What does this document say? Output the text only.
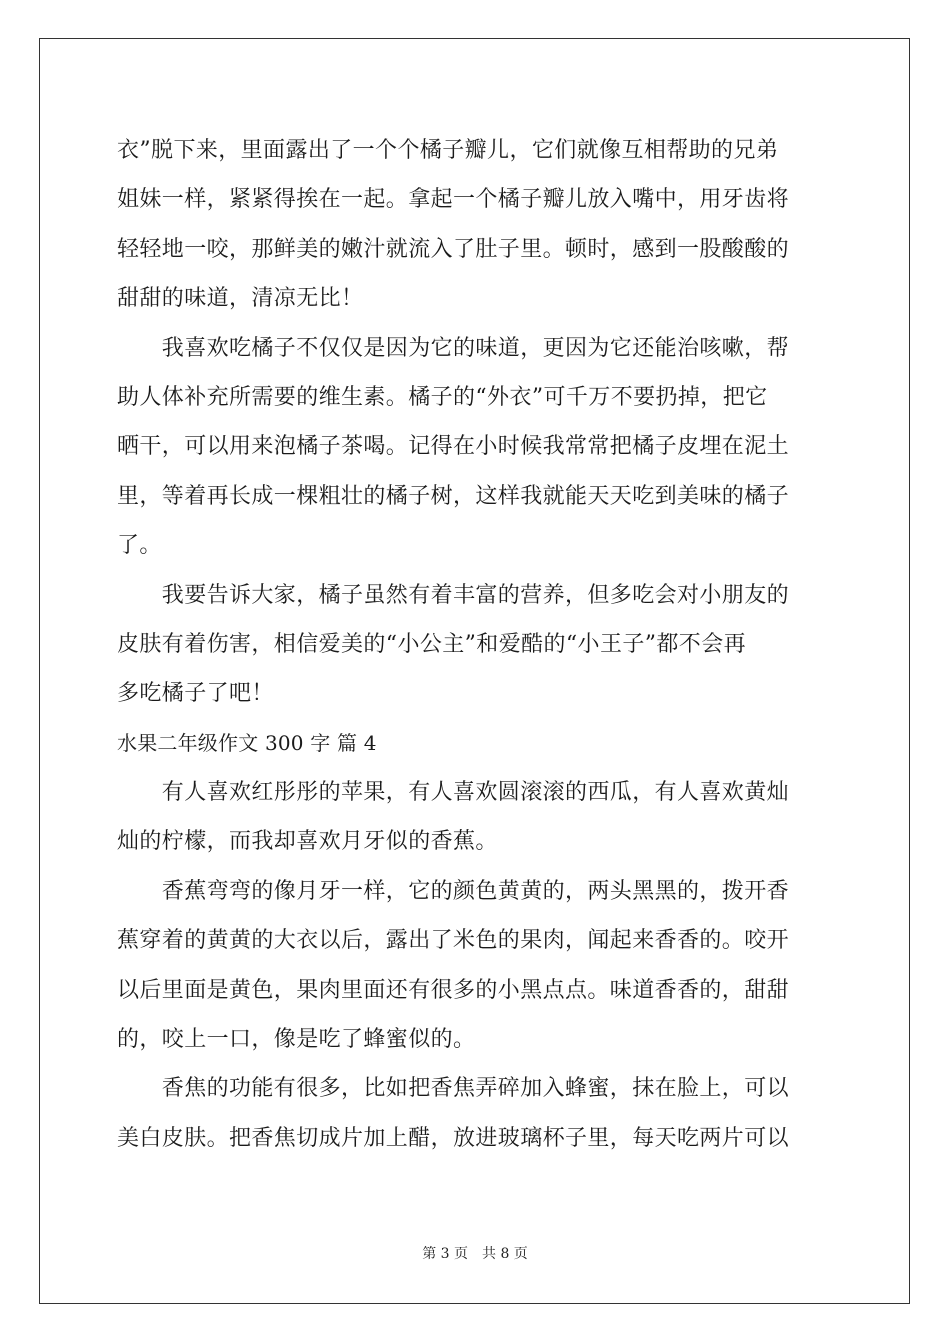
衣”脱下来，里面露出了一个个橘子瓣儿，它们就像互相帮助的兄弟
姐妹一样，紧紧得挨在一起。拿起一个橘子瓣儿放入嘴中，用牙齿将
轻轻地一咬，那鲜美的嫩汁就流入了肚子里。顿时，感到一股酸酸的
甜甜的味道，清凉无比！
　　我喜欢吃橘子不仅仅是因为它的味道，更因为它还能治咳嗽，帮
助人体补充所需要的维生素。橘子的“外衣”可千万不要扔掉，把它
晒干，可以用来泡橘子茶喝。记得在小时候我常常把橘子皮埋在泥土
里，等着再长成一棵粗壮的橘子树，这样我就能天天吃到美味的橘子
了。
　　我要告诉大家，橘子虽然有着丰富的营养，但多吃会对小朋友的
皮肤有着伤害，相信爱美的“小公主”和爱酷的“小王子”都不会再
多吃橘子了吧！
水果二年级作文 300 字 篇 4
　　有人喜欢红彤彤的苹果，有人喜欢圆滚滚的西瓜，有人喜欢黄灿
灿的柠檬，而我却喜欢月牙似的香蕉。
　　香蕉弯弯的像月牙一样，它的颜色黄黄的，两头黑黑的，拨开香
蕉穿着的黄黄的大衣以后，露出了米色的果肉，闻起来香香的。咬开
以后里面是黄色，果肉里面还有很多的小黑点点。味道香香的，甜甜
的，咬上一口，像是吃了蜂蜜似的。
　　香焦的功能有很多，比如把香焦弄碎加入蜂蜜，抹在脸上，可以
美白皮肤。把香焦切成片加上醋，放进玻璃杯子里，每天吃两片可以
第 3 页 共 8 页
